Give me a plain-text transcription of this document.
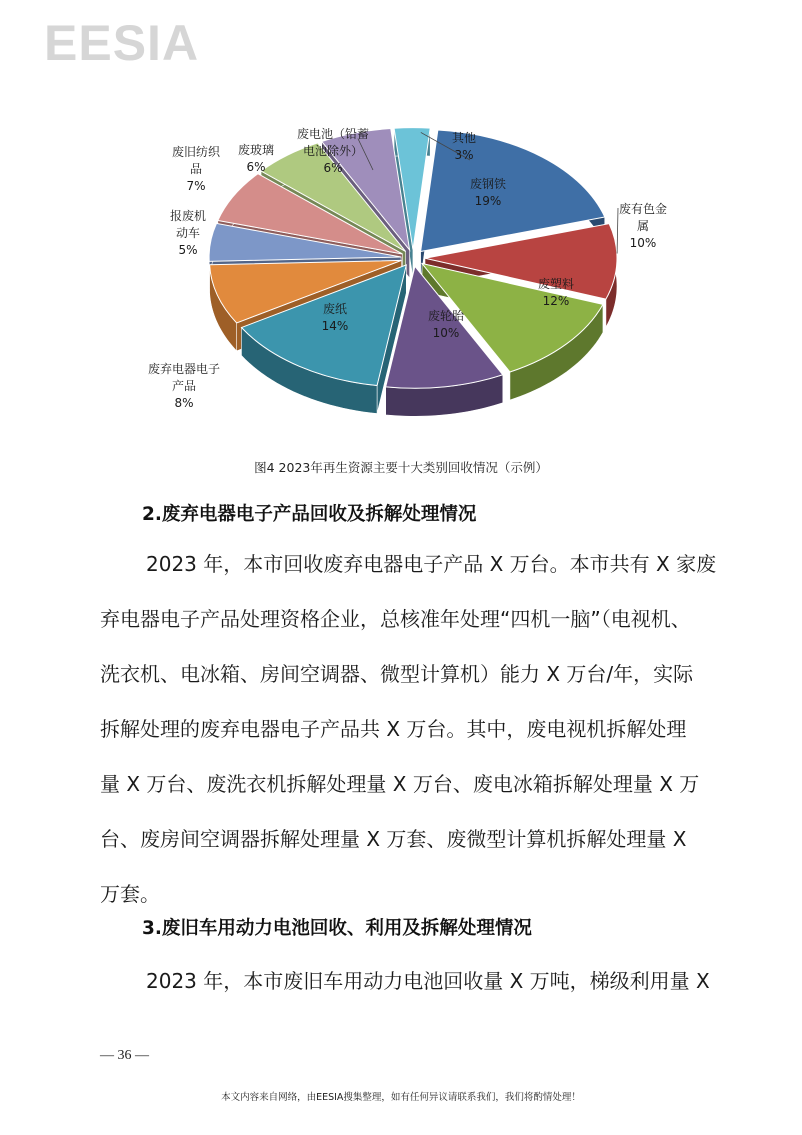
EESIA
废钢铁 19%
废有色金属 10%
废塑料 12%
废轮胎 10%
废纸 14%
废弃电器电子产品 8%
报废机动车 5%
废旧纺织品 7%
废玻璃 6%
废电池（铅蓄电池除外） 6%
其他 3%
图4 2023年再生资源主要十大类别回收情况（示例）
2.废弃电器电子产品回收及拆解处理情况
2023 年，本市回收废弃电器电子产品 X 万台。本市共有 X 家废
弃电器电子产品处理资格企业，总核准年处理“四机一脑”（电视机、
洗衣机、电冰箱、房间空调器、微型计算机）能力 X 万台/年，实际
拆解处理的废弃电器电子产品共 X 万台。其中，废电视机拆解处理
量 X 万台、废洗衣机拆解处理量 X 万台、废电冰箱拆解处理量 X 万
台、废房间空调器拆解处理量 X 万套、废微型计算机拆解处理量 X
万套。
3.废旧车用动力电池回收、利用及拆解处理情况
2023 年，本市废旧车用动力电池回收量 X 万吨，梯级利用量 X
— 36 —
本文内容来自网络，由EESIA搜集整理，如有任何异议请联系我们，我们将酌情处理！
